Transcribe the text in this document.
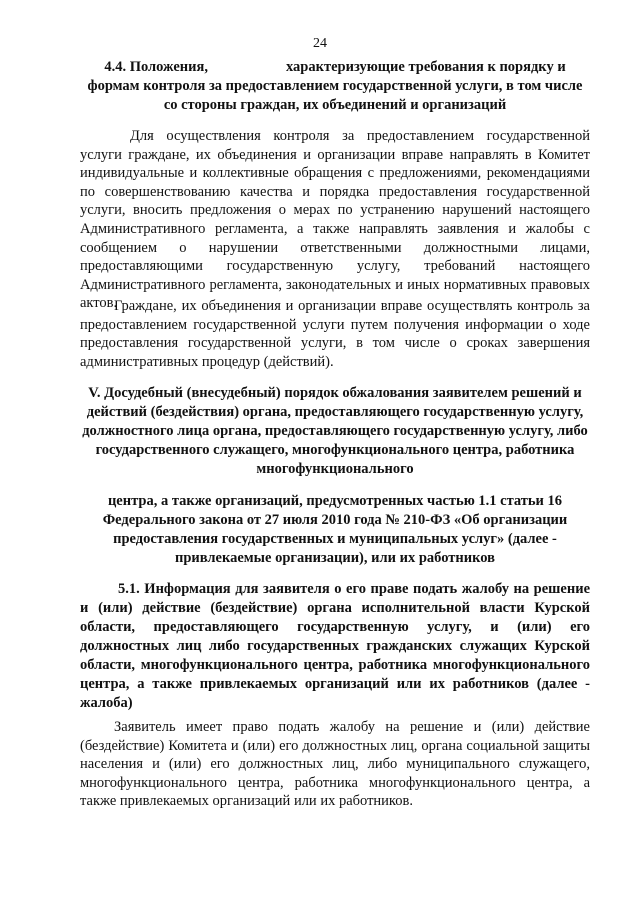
24
4.4. Положения,	характеризующие требования к порядку и формам контроля за предоставлением государственной услуги, в том числе со стороны граждан, их объединений и организаций

Для осуществления контроля за предоставлением государственной услуги граждане, их объединения и организации вправе направлять в Комитет индивидуальные и коллективные обращения с предложениями, рекомендациями по совершенствованию качества и порядка предоставления государственной услуги, вносить предложения о мерах по устранению нарушений настоящего Административного регламента, а также направлять заявления и жалобы с сообщением о нарушении ответственными должностными лицами, предоставляющими государственную услугу, требований настоящего Административного регламента, законодательных и иных нормативных правовых актов.

Граждане, их объединения и организации вправе осуществлять контроль за предоставлением государственной услуги путем получения информации о ходе предоставления государственной услуги, в том числе о сроках завершения административных процедур (действий).

V. Досудебный (внесудебный) порядок обжалования заявителем решений и действий (бездействия) органа, предоставляющего государственную услугу, должностного лица органа, предоставляющего государственную услугу, либо государственного служащего, многофункционального центра, работника многофункционального
центра, а также организаций, предусмотренных частью 1.1 статьи 16 Федерального закона от 27 июля 2010 года № 210-ФЗ «Об организации предоставления государственных и муниципальных услуг» (далее - привлекаемые организации), или их работников
5.1. Информация для заявителя о его праве подать жалобу на решение и (или) действие (бездействие) органа исполнительной власти Курской области, предоставляющего государственную услугу, и (или) его должностных лиц либо государственных гражданских служащих Курской области, многофункционального центра, работника многофункционального центра, а также привлекаемых организаций или их работников (далее - жалоба)

Заявитель имеет право подать жалобу на решение и (или) действие (бездействие) Комитета и (или) его должностных лиц, органа социальной защиты населения и (или) его должностных лиц, либо муниципального служащего, многофункционального центра, работника многофункционального центра, а также привлекаемых организаций или их работников.
